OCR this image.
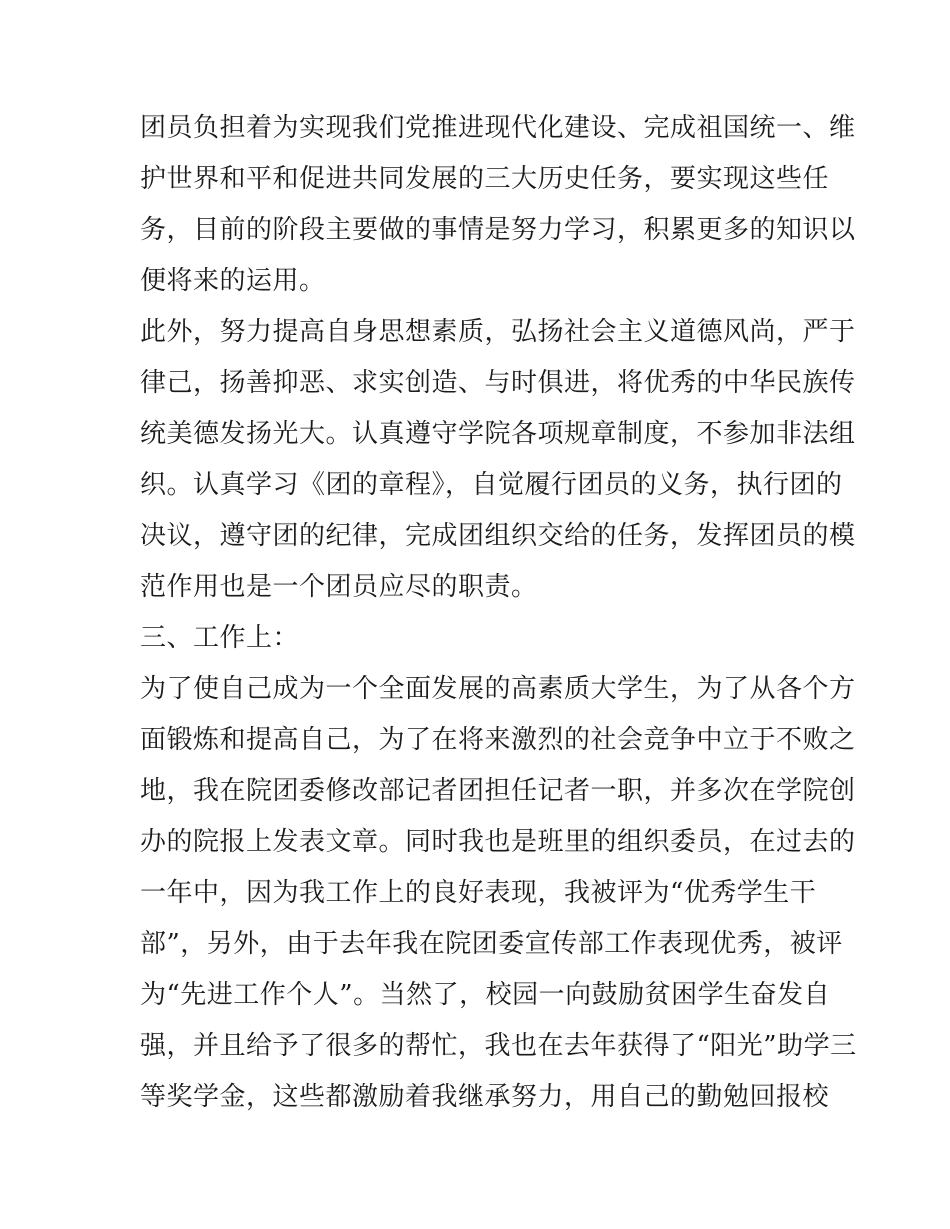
团员负担着为实现我们党推进现代化建设、完成祖国统一、维
护世界和平和促进共同发展的三大历史任务，要实现这些任
务，目前的阶段主要做的事情是努力学习，积累更多的知识以
便将来的运用。
此外，努力提高自身思想素质，弘扬社会主义道德风尚，严于
律己，扬善抑恶、求实创造、与时俱进，将优秀的中华民族传
统美德发扬光大。认真遵守学院各项规章制度，不参加非法组
织。认真学习《团的章程》，自觉履行团员的义务，执行团的
决议，遵守团的纪律，完成团组织交给的任务，发挥团员的模
范作用也是一个团员应尽的职责。
三、工作上：
为了使自己成为一个全面发展的高素质大学生，为了从各个方
面锻炼和提高自己，为了在将来激烈的社会竞争中立于不败之
地，我在院团委修改部记者团担任记者一职，并多次在学院创
办的院报上发表文章。同时我也是班里的组织委员，在过去的
一年中，因为我工作上的良好表现，我被评为“优秀学生干
部”，另外，由于去年我在院团委宣传部工作表现优秀，被评
为“先进工作个人”。当然了，校园一向鼓励贫困学生奋发自
强，并且给予了很多的帮忙，我也在去年获得了“阳光”助学三
等奖学金，这些都激励着我继承努力，用自己的勤勉回报校
